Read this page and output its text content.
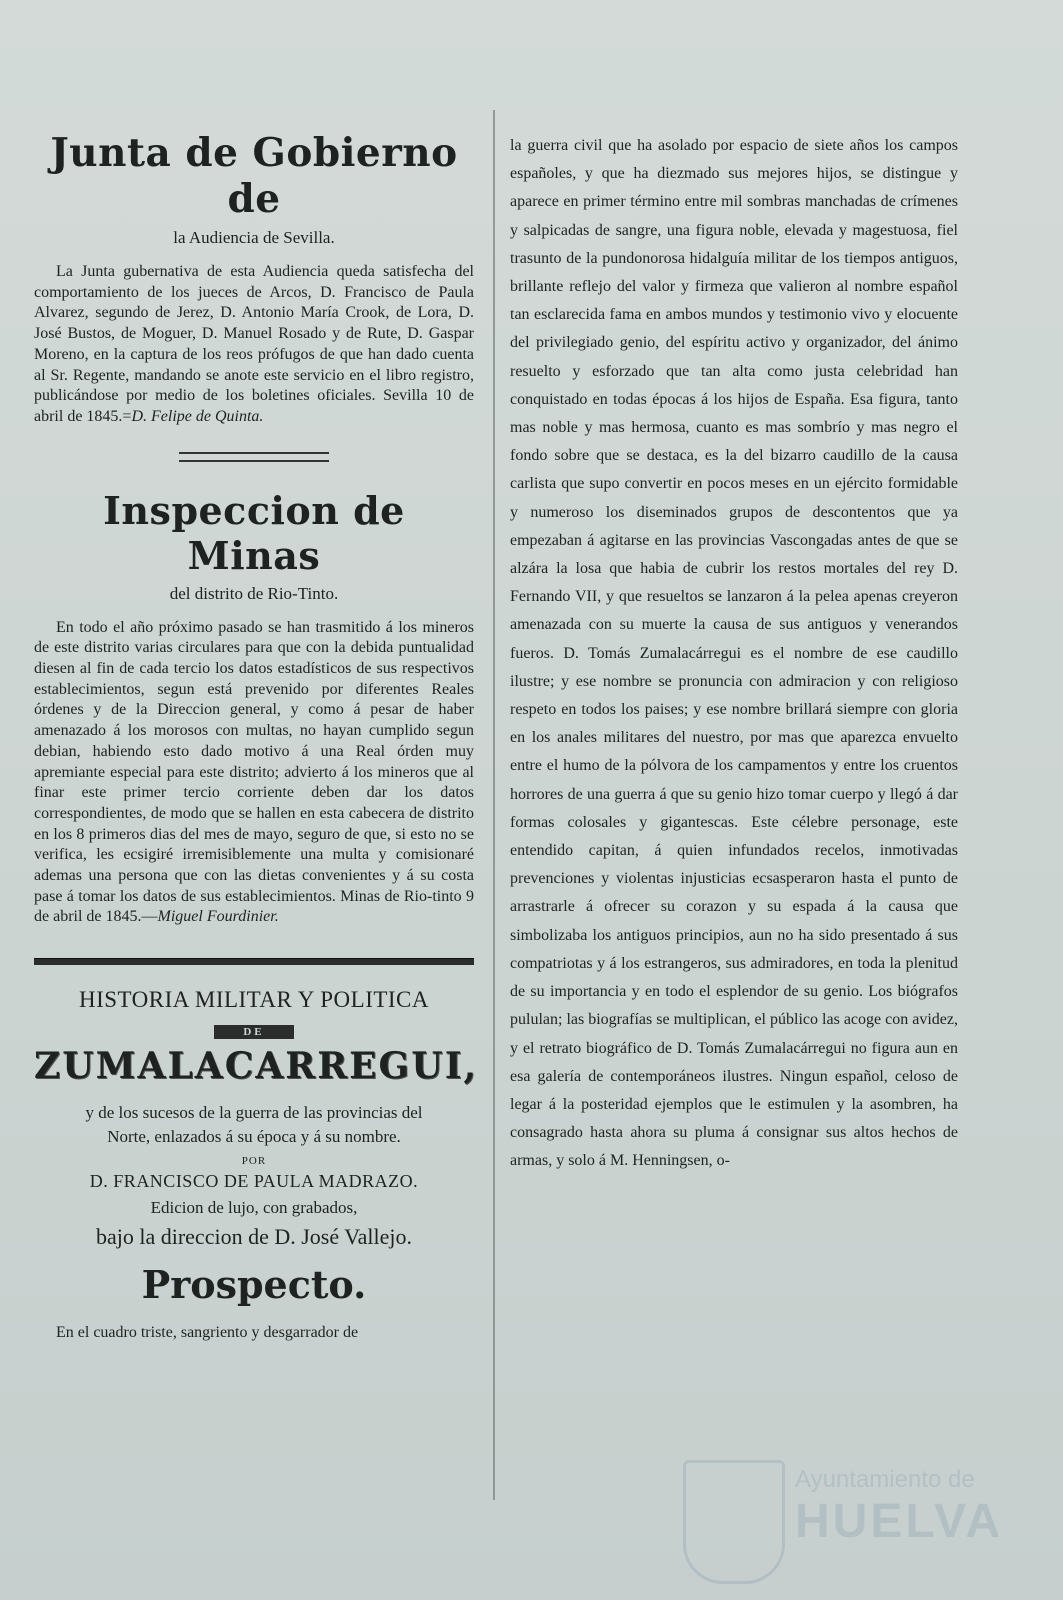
Junta de Gobierno de

la Audiencia de Sevilla.

La Junta gubernativa de esta Audiencia queda satisfecha del comportamiento de los jueces de Arcos, D. Francisco de Paula Alvarez, segundo de Jerez, D. Antonio María Crook, de Lora, D. José Bustos, de Moguer, D. Manuel Rosado y de Rute, D. Gaspar Moreno, en la captura de los reos prófugos de que han dado cuenta al Sr. Regente, mandando se anote este servicio en el libro registro, publicándose por medio de los boletines oficiales. Sevilla 10 de abril de 1845.=D. Felipe de Quinta.

Inspeccion de Minas

del distrito de Rio-Tinto.

En todo el año próximo pasado se han trasmitido á los mineros de este distrito varias circulares para que con la debida puntualidad diesen al fin de cada tercio los datos estadísticos de sus respectivos establecimientos, segun está prevenido por diferentes Reales órdenes y de la Direccion general, y como á pesar de haber amenazado á los morosos con multas, no hayan cumplido segun debian, habiendo esto dado motivo á una Real órden muy apremiante especial para este distrito; advierto á los mineros que al finar este primer tercio corriente deben dar los datos correspondientes, de modo que se hallen en esta cabecera de distrito en los 8 primeros dias del mes de mayo, seguro de que, si esto no se verifica, les ecsigiré irremisiblemente una multa y comisionaré ademas una persona que con las dietas convenientes y á su costa pase á tomar los datos de sus establecimientos. Minas de Rio-tinto 9 de abril de 1845.—Miguel Fourdinier.

HISTORIA MILITAR Y POLITICA

DE

ZUMALACARREGUI,

y de los sucesos de la guerra de las provincias del

Norte, enlazados á su época y á su nombre.

POR

D. FRANCISCO DE PAULA MADRAZO.

Edicion de lujo, con grabados,

bajo la direccion de D. José Vallejo.

Prospecto.

En el cuadro triste, sangriento y desgarrador de

la guerra civil que ha asolado por espacio de siete años los campos españoles, y que ha diezmado sus mejores hijos, se distingue y aparece en primer término entre mil sombras manchadas de crímenes y salpicadas de sangre, una figura noble, elevada y magestuosa, fiel trasunto de la pundonorosa hidalguía militar de los tiempos antiguos, brillante reflejo del valor y firmeza que valieron al nombre español tan esclarecida fama en ambos mundos y testimonio vivo y elocuente del privilegiado genio, del espíritu activo y organizador, del ánimo resuelto y esforzado que tan alta como justa celebridad han conquistado en todas épocas á los hijos de España. Esa figura, tanto mas noble y mas hermosa, cuanto es mas sombrío y mas negro el fondo sobre que se destaca, es la del bizarro caudillo de la causa carlista que supo convertir en pocos meses en un ejército formidable y numeroso los diseminados grupos de descontentos que ya empezaban á agitarse en las provincias Vascongadas antes de que se alzára la losa que habia de cubrir los restos mortales del rey D. Fernando VII, y que resueltos se lanzaron á la pelea apenas creyeron amenazada con su muerte la causa de sus antiguos y venerandos fueros. D. Tomás Zumalacárregui es el nombre de ese caudillo ilustre; y ese nombre se pronuncia con admiracion y con religioso respeto en todos los paises; y ese nombre brillará siempre con gloria en los anales militares del nuestro, por mas que aparezca envuelto entre el humo de la pólvora de los campamentos y entre los cruentos horrores de una guerra á que su genio hizo tomar cuerpo y llegó á dar formas colosales y gigantescas. Este célebre personage, este entendido capitan, á quien infundados recelos, inmotivadas prevenciones y violentas injusticias ecsasperaron hasta el punto de arrastrarle á ofrecer su corazon y su espada á la causa que simbolizaba los antiguos principios, aun no ha sido presentado á sus compatriotas y á los estrangeros, sus admiradores, en toda la plenitud de su importancia y en todo el esplendor de su genio. Los biógrafos pululan; las biografías se multiplican, el público las acoge con avidez, y el retrato biográfico de D. Tomás Zumalacárregui no figura aun en esa galería de contemporáneos ilustres. Ningun español, celoso de legar á la posteridad ejemplos que le estimulen y la asombren, ha consagrado hasta ahora su pluma á consignar sus altos hechos de armas, y solo á M. Henningsen, o-

Ayuntamiento de
HUELVA
